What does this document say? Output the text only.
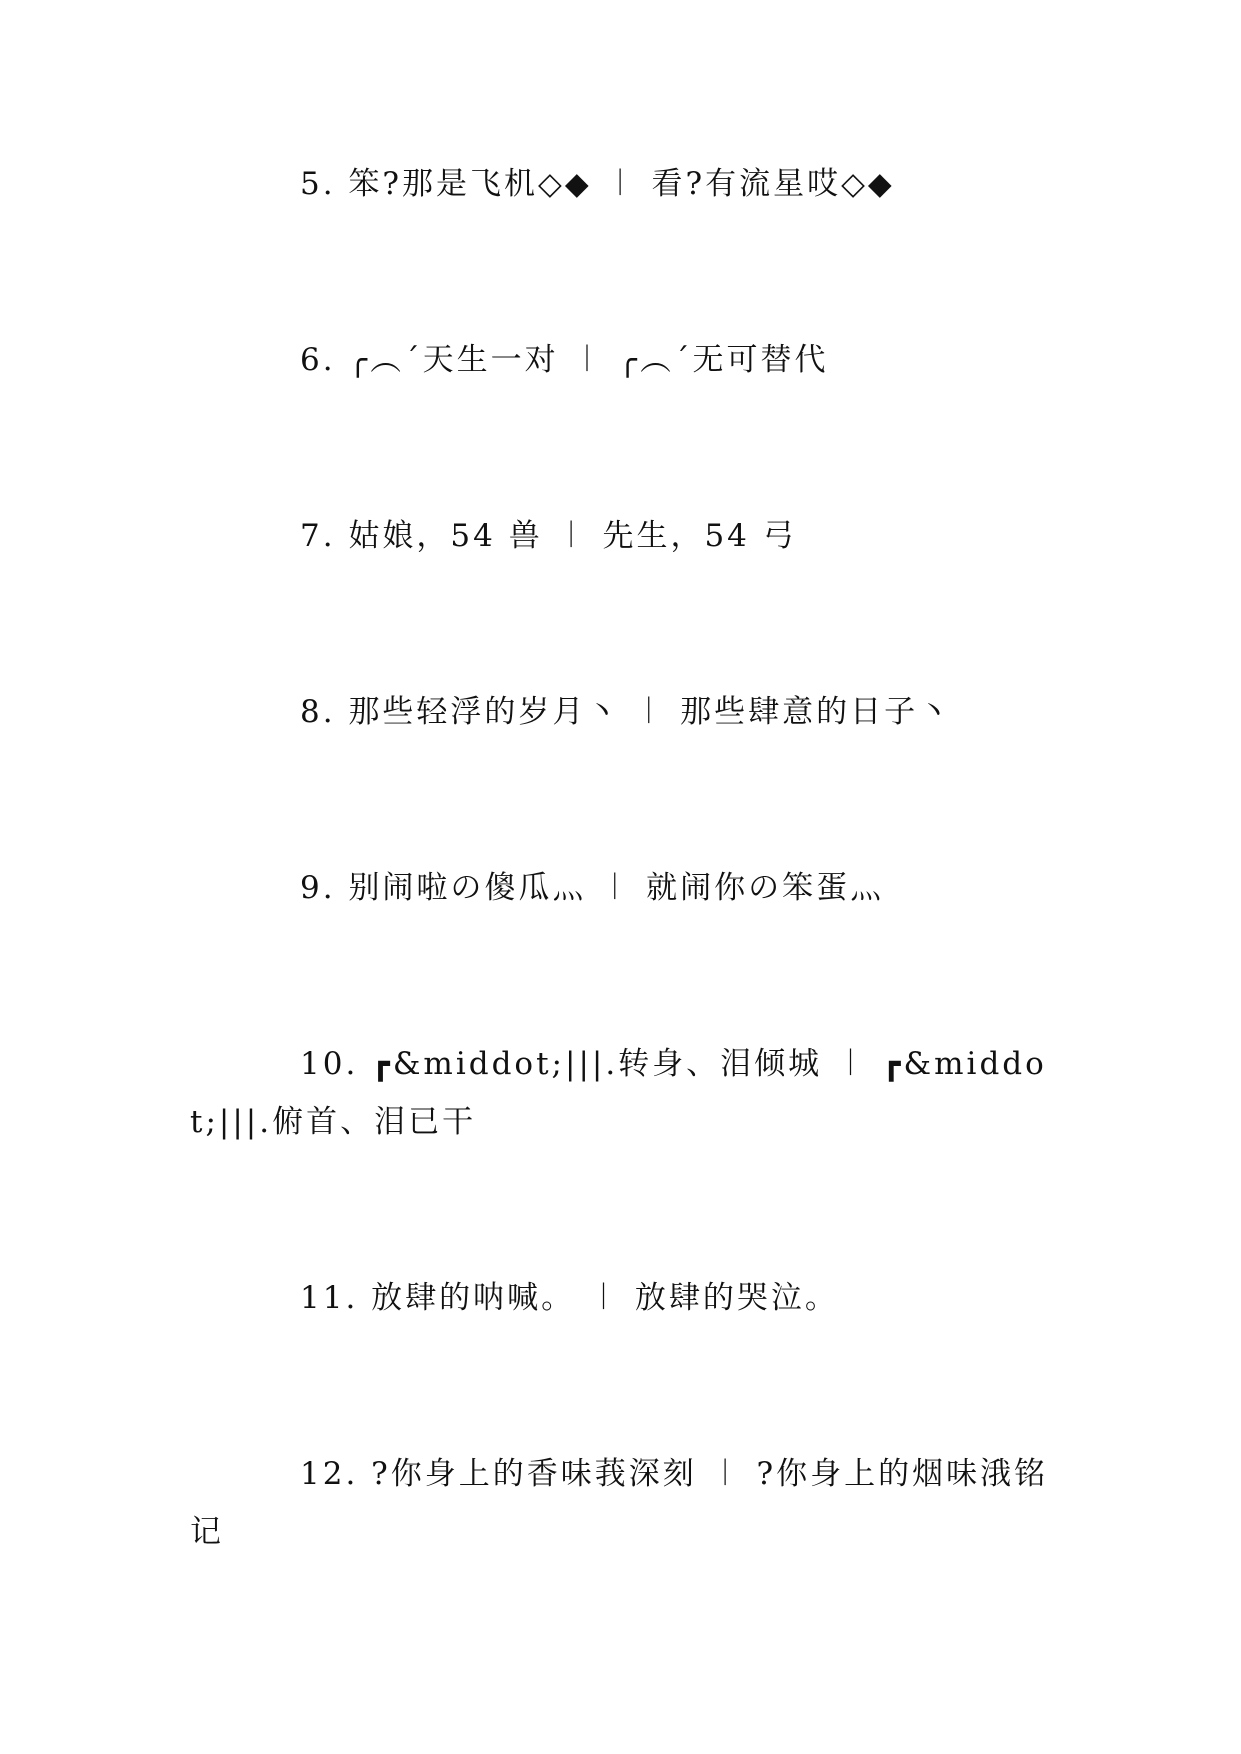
5. 笨?那是飞机◇◆ ︱ 看?有流星哎◇◆

6. ╭︵ˊ天生一对 ︱ ╭︵ˊ无可替代

7. 姑娘，54 兽 ︱ 先生，54 弓

8. 那些轻浮的岁月丶 ︱ 那些肆意的日子丶

9. 别闹啦の傻瓜灬 ︱ 就闹你の笨蛋灬

10. ┏&middot;|||.转身、泪倾城 ︱ ┏&middot;|||.俯首、泪已干

11. 放肆的呐喊。 ︱ 放肆的哭泣。

12. ?你身上的香味莪深刻 ︱ ?你身上的烟味涐铭记
